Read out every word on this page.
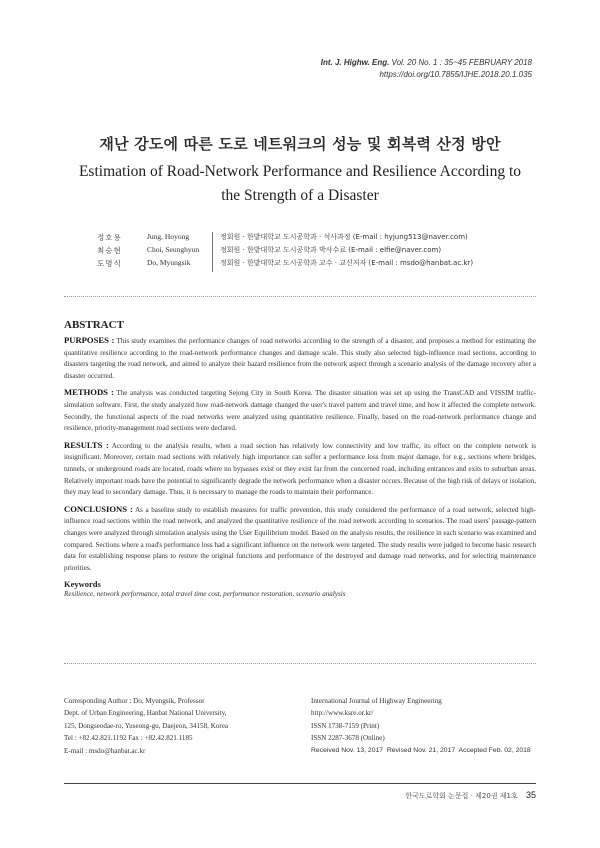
Int. J. Highw. Eng. Vol. 20 No. 1 : 35~45 FEBRUARY 2018
https://doi.org/10.7855/IJHE.2018.20.1.035
재난 강도에 따른 도로 네트워크의 성능 및 회복력 산정 방안
Estimation of Road-Network Performance and Resilience According to
the Strength of a Disaster
정호용	Jung, Hoyong	정회원 · 한밭대학교 도시공학과 · 석사과정 (E-mail : hyjung513@naver.com)
최승현	Choi, Seunghyun	정회원 · 한밭대학교 도시공학과 박사수료 (E-mail : elfie@naver.com)
도명식	Do, Myungsik	정회원 · 한밭대학교 도시공학과 교수 · 교신저자 (E-mail : msdo@hanbat.ac.kr)
ABSTRACT

PURPOSES : This study examines the performance changes of road networks according to the strength of a disaster, and proposes a method for estimating the quantitative resilience according to the road-network performance changes and damage scale. This study also selected high-influence road sections, according to disasters targeting the road network, and aimed to analyze their hazard resilience from the network aspect through a scenario analysis of the damage recovery after a disaster occurred.

METHODS : The analysis was conducted targeting Sejong City in South Korea. The disaster situation was set up using the TransCAD and VISSIM traffic-simulation software. First, the study analyzed how road-network damage changed the user's travel pattern and travel time, and how it affected the complete network. Secondly, the functional aspects of the road networks were analyzed using quantitative resilience. Finally, based on the road-network performance change and resilience, priority-management road sections were declared.

RESULTS : According to the analysis results, when a road section has relatively low connectivity and low traffic, its effect on the complete network is insignificant. Moreover, certain road sections with relatively high importance can suffer a performance loss from major damage, for e.g., sections where bridges, tunnels, or underground roads are located, roads where no bypasses exist or they exist far from the concerned road, including entrances and exits to suburban areas. Relatively important roads have the potential to significantly degrade the network performance when a disaster occurs. Because of the high risk of delays or isolation, they may lead to secondary damage. Thus, it is necessary to manage the roads to maintain their performance.

CONCLUSIONS : As a baseline study to establish measures for traffic prevention, this study considered the performance of a road network, selected high-influence road sections within the road network, and analyzed the quantitative resilience of the road network according to scenarios. The road users' passage-pattern changes were analyzed through simulation analysis using the User Equilibrium model. Based on the analysis results, the resilience in each scenario was examined and compared. Sections where a road's performance loss had a significant influence on the network were targeted. The study results were judged to become basic research data for establishing response plans to restore the original functions and performance of the destroyed and damage road networks, and for selecting maintenance priorities.

Keywords
Resilience, network performance, total travel time cost, performance restoration, scenario analysis
Corresponding Author : Do, Myungsik, Professor
Dept. of Urban Engineering, Hanbat National University,
125, Dongseodae-ro, Yuseong-gu, Daejeon, 34158, Korea
Tel : +82.42.821.1192 Fax : +82.42.821.1185
E-mail : msdo@hanbat.ac.kr
International Journal of Highway Engineering
http://www.ksre.or.kr/
ISSN 1738-7159 (Print)
ISSN 2287-3678 (Online)
Received Nov. 13, 2017 Revised Nov. 21, 2017 Accepted Feb. 02, 2018
한국도로학회 논문집 · 제20권 제1호 35
